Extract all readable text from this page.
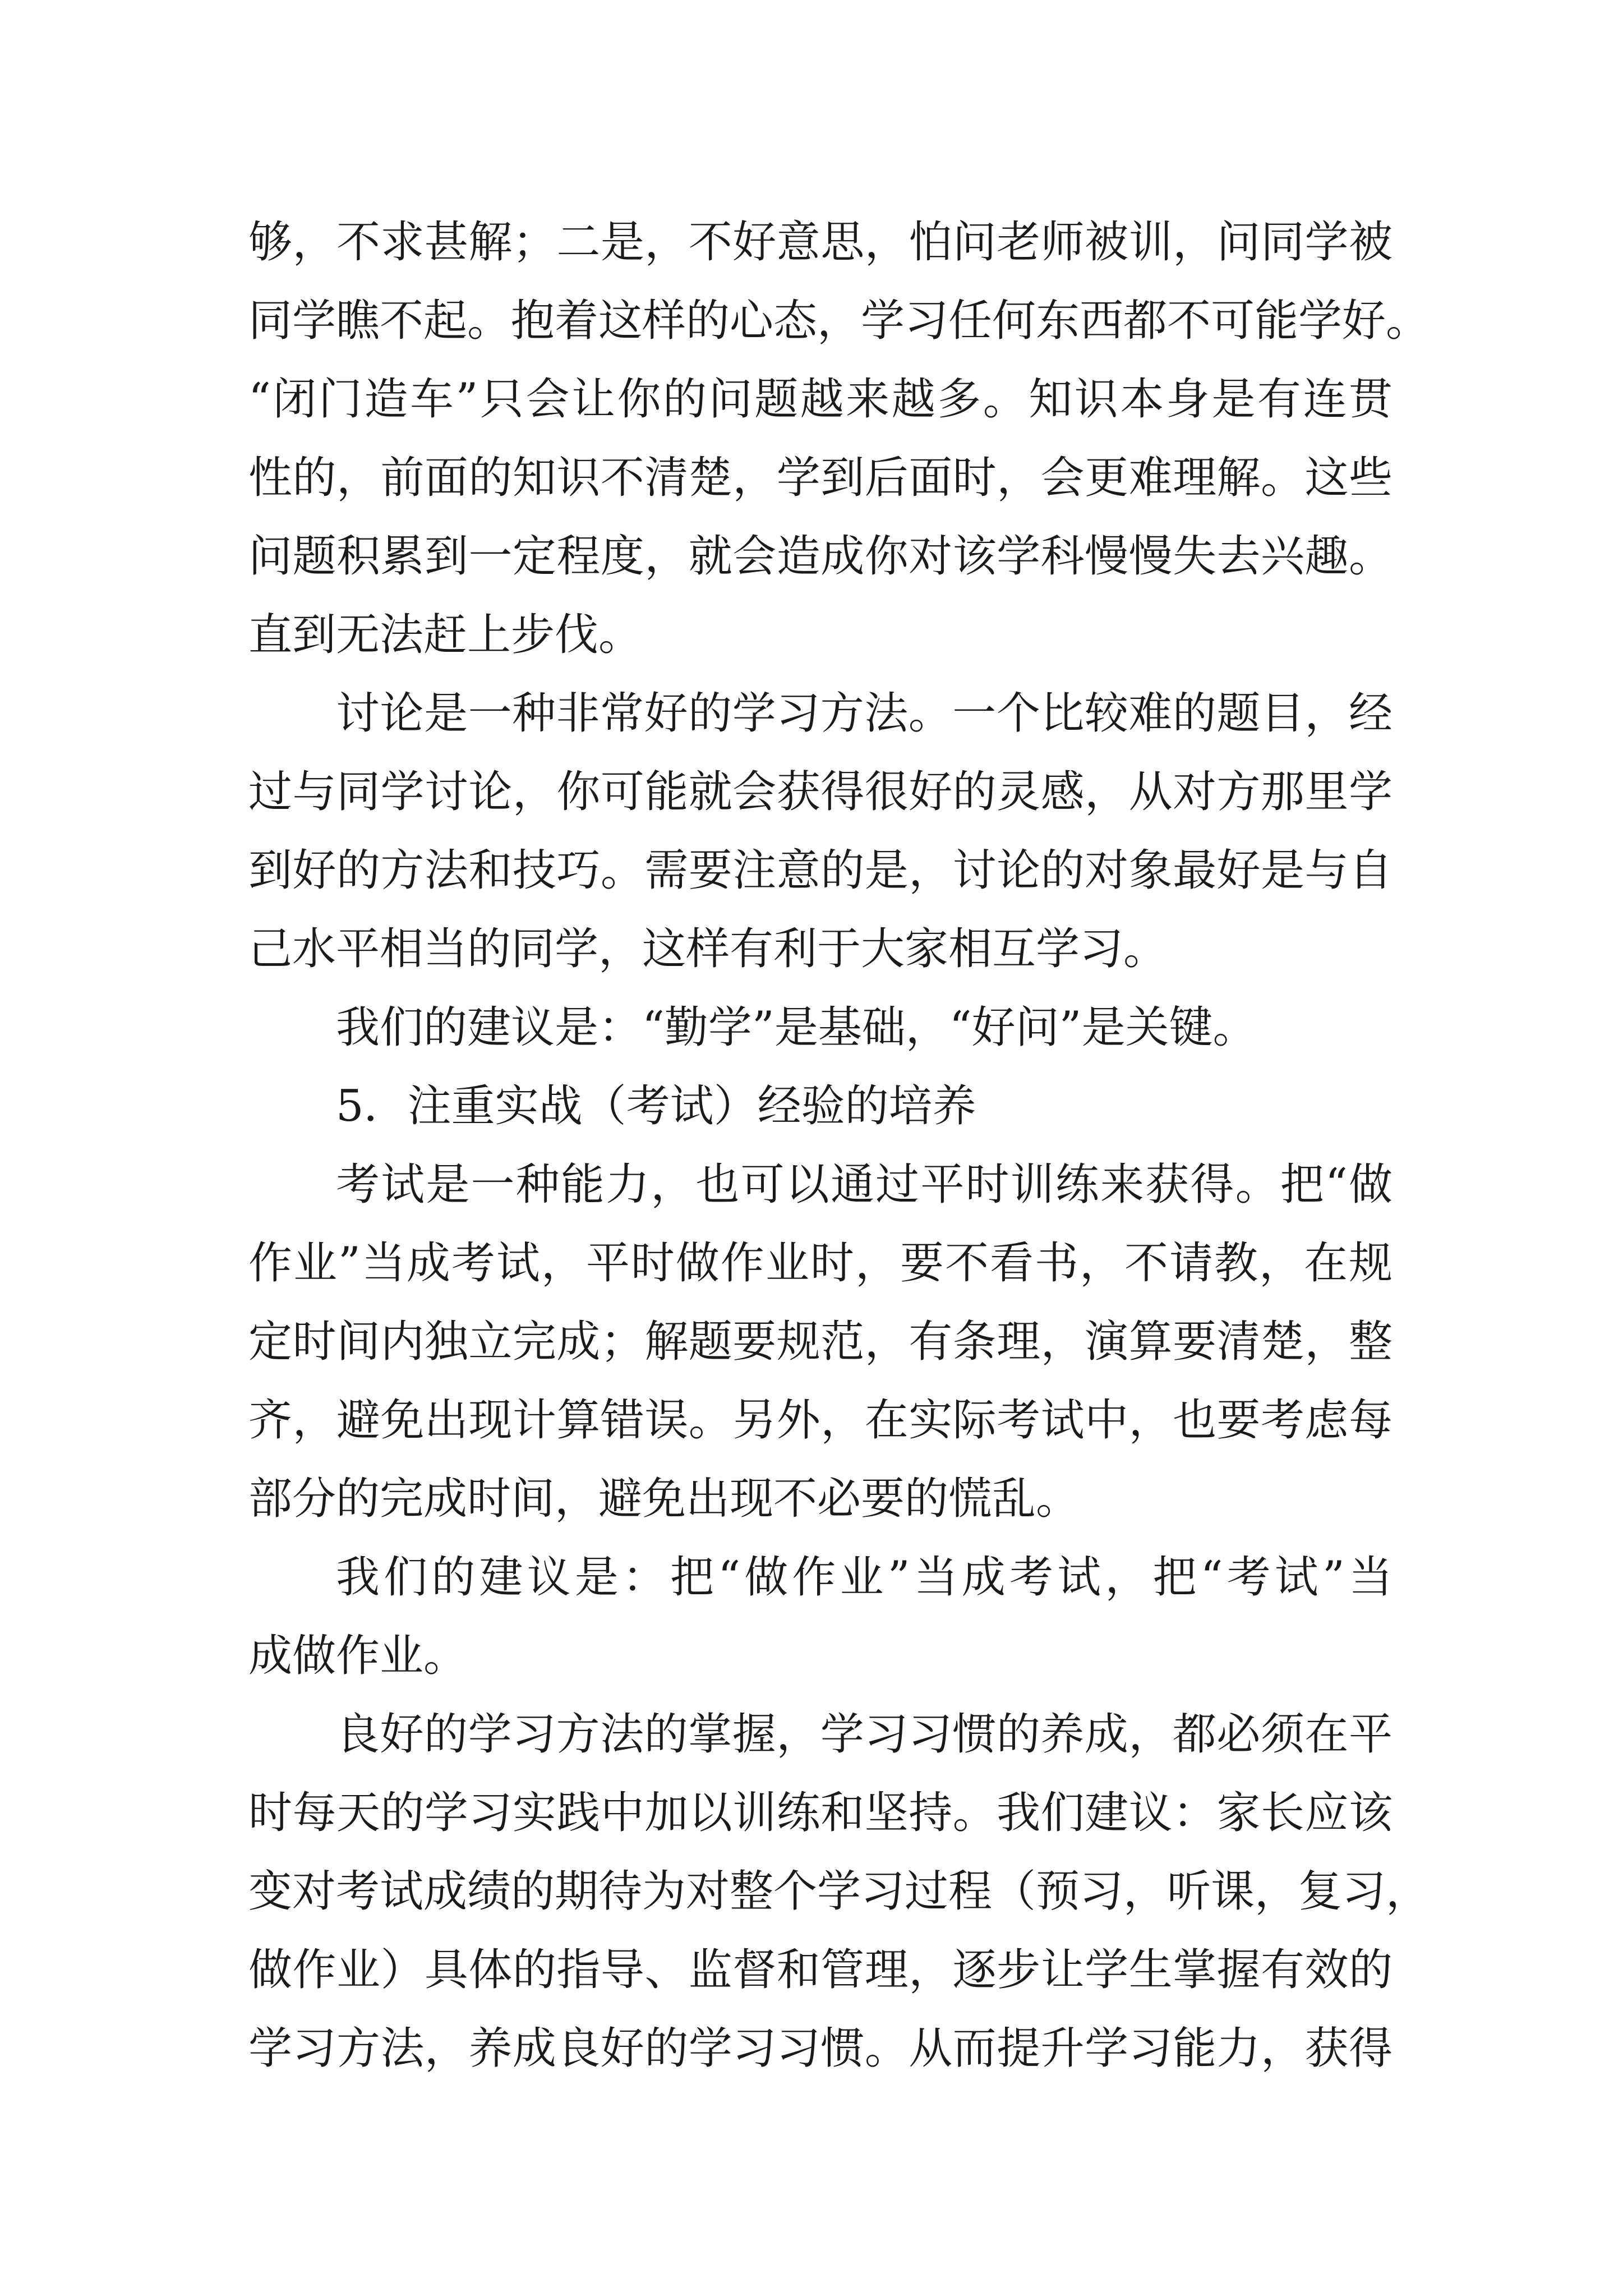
够，不求甚解；二是，不好意思，怕问老师被训，问同学被
同学瞧不起。抱着这样的心态，学习任何东西都不可能学好。
“闭门造车”只会让你的问题越来越多。知识本身是有连贯
性的，前面的知识不清楚，学到后面时，会更难理解。这些
问题积累到一定程度，就会造成你对该学科慢慢失去兴趣。
直到无法赶上步伐。
讨论是一种非常好的学习方法。一个比较难的题目，经
过与同学讨论，你可能就会获得很好的灵感，从对方那里学
到好的方法和技巧。需要注意的是，讨论的对象最好是与自
己水平相当的同学，这样有利于大家相互学习。
我们的建议是：“勤学”是基础，“好问”是关键。
5．注重实战（考试）经验的培养
考试是一种能力，也可以通过平时训练来获得。把“做
作业”当成考试，平时做作业时，要不看书，不请教，在规
定时间内独立完成；解题要规范，有条理，演算要清楚，整
齐，避免出现计算错误。另外，在实际考试中，也要考虑每
部分的完成时间，避免出现不必要的慌乱。
我们的建议是：把“做作业”当成考试，把“考试”当
成做作业。
良好的学习方法的掌握，学习习惯的养成，都必须在平
时每天的学习实践中加以训练和坚持。我们建议：家长应该
变对考试成绩的期待为对整个学习过程（预习，听课，复习，
做作业）具体的指导、监督和管理，逐步让学生掌握有效的
学习方法，养成良好的学习习惯。从而提升学习能力，获得
